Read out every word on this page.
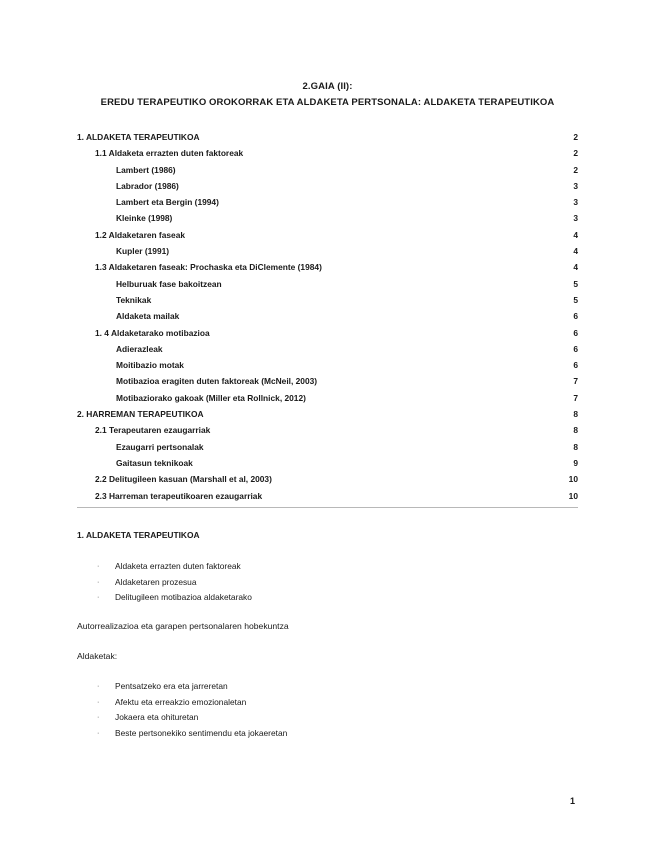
2.GAIA (II):
EREDU TERAPEUTIKO OROKORRAK ETA ALDAKETA PERTSONALA: ALDAKETA TERAPEUTIKOA
1. ALDAKETA TERAPEUTIKOA	2
1.1 Aldaketa errazten duten faktoreak	2
Lambert (1986)	2
Labrador (1986)	3
Lambert eta Bergin (1994)	3
Kleinke (1998)	3
1.2 Aldaketaren faseak	4
Kupler (1991)	4
1.3 Aldaketaren faseak: Prochaska eta DiClemente (1984)	4
Helburuak fase bakoitzean	5
Teknikak	5
Aldaketa mailak	6
1. 4 Aldaketarako motibazioa	6
Adierazleak	6
Moitibazio motak	6
Motibazioa eragiten duten faktoreak (McNeil, 2003)	7
Motibaziorako gakoak (Miller eta Rollnick, 2012)	7
2. HARREMAN TERAPEUTIKOA	8
2.1 Terapeutaren ezaugarriak	8
Ezaugarri pertsonalak	8
Gaitasun teknikoak	9
2.2 Delitugileen kasuan (Marshall et al, 2003)	10
2.3 Harreman terapeutikoaren ezaugarriak	10
1. ALDAKETA TERAPEUTIKOA
· Aldaketa errazten duten faktoreak
· Aldaketaren prozesua
· Delitugileen motibazioa aldaketarako
Autorrealizazioa eta garapen pertsonalaren hobekuntza
Aldaketak:
· Pentsatzeko era eta jarreretan
· Afektu eta erreakzio emozionaletan
· Jokaera eta ohituretan
· Beste pertsonekiko sentimendu eta jokaeretan
1
